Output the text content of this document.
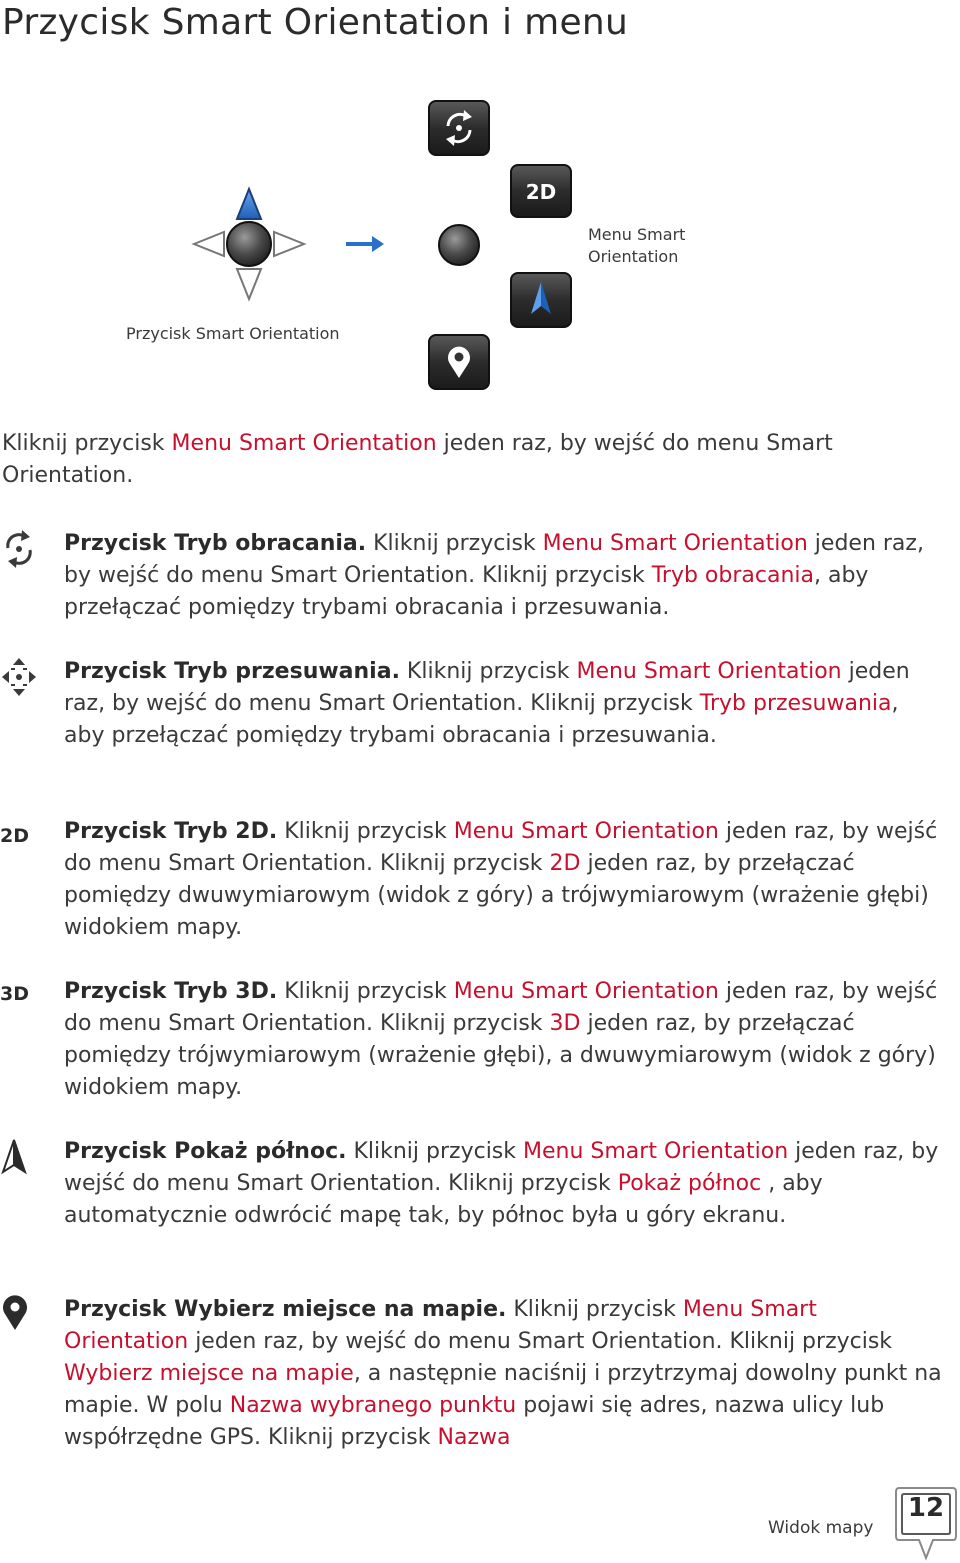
Przycisk Smart Orientation i menu
Przycisk Smart Orientation
2D
Menu Smart
Orientation

Kliknij przycisk Menu Smart Orientation jeden raz, by wejść do menu Smart Orientation.

Przycisk Tryb obracania. Kliknij przycisk Menu Smart Orientation jeden raz, by wejść do menu Smart Orientation. Kliknij przycisk Tryb obracania, aby przełączać pomiędzy trybami obracania i przesuwania.

Przycisk Tryb przesuwania. Kliknij przycisk Menu Smart Orientation jeden raz, by wejść do menu Smart Orientation. Kliknij przycisk Tryb przesuwania, aby przełączać pomiędzy trybami obracania i przesuwania.

2D Przycisk Tryb 2D. Kliknij przycisk Menu Smart Orientation jeden raz, by wejść do menu Smart Orientation. Kliknij przycisk 2D jeden raz, by przełączać pomiędzy dwuwymiarowym (widok z góry) a trójwymiarowym (wrażenie głębi) widokiem mapy.

3D Przycisk Tryb 3D. Kliknij przycisk Menu Smart Orientation jeden raz, by wejść do menu Smart Orientation. Kliknij przycisk 3D jeden raz, by przełączać pomiędzy trójwymiarowym (wrażenie głębi), a dwuwymiarowym (widok z góry) widokiem mapy.

Przycisk Pokaż północ. Kliknij przycisk Menu Smart Orientation jeden raz, by wejść do menu Smart Orientation. Kliknij przycisk Pokaż północ , aby automatycznie odwrócić mapę tak, by północ była u góry ekranu.

Przycisk Wybierz miejsce na mapie. Kliknij przycisk Menu Smart Orientation jeden raz, by wejść do menu Smart Orientation. Kliknij przycisk Wybierz miejsce na mapie, a następnie naciśnij i przytrzymaj dowolny punkt na mapie. W polu Nazwa wybranego punktu pojawi się adres, nazwa ulicy lub współrzędne GPS. Kliknij przycisk Nazwa

Widok mapy
12
